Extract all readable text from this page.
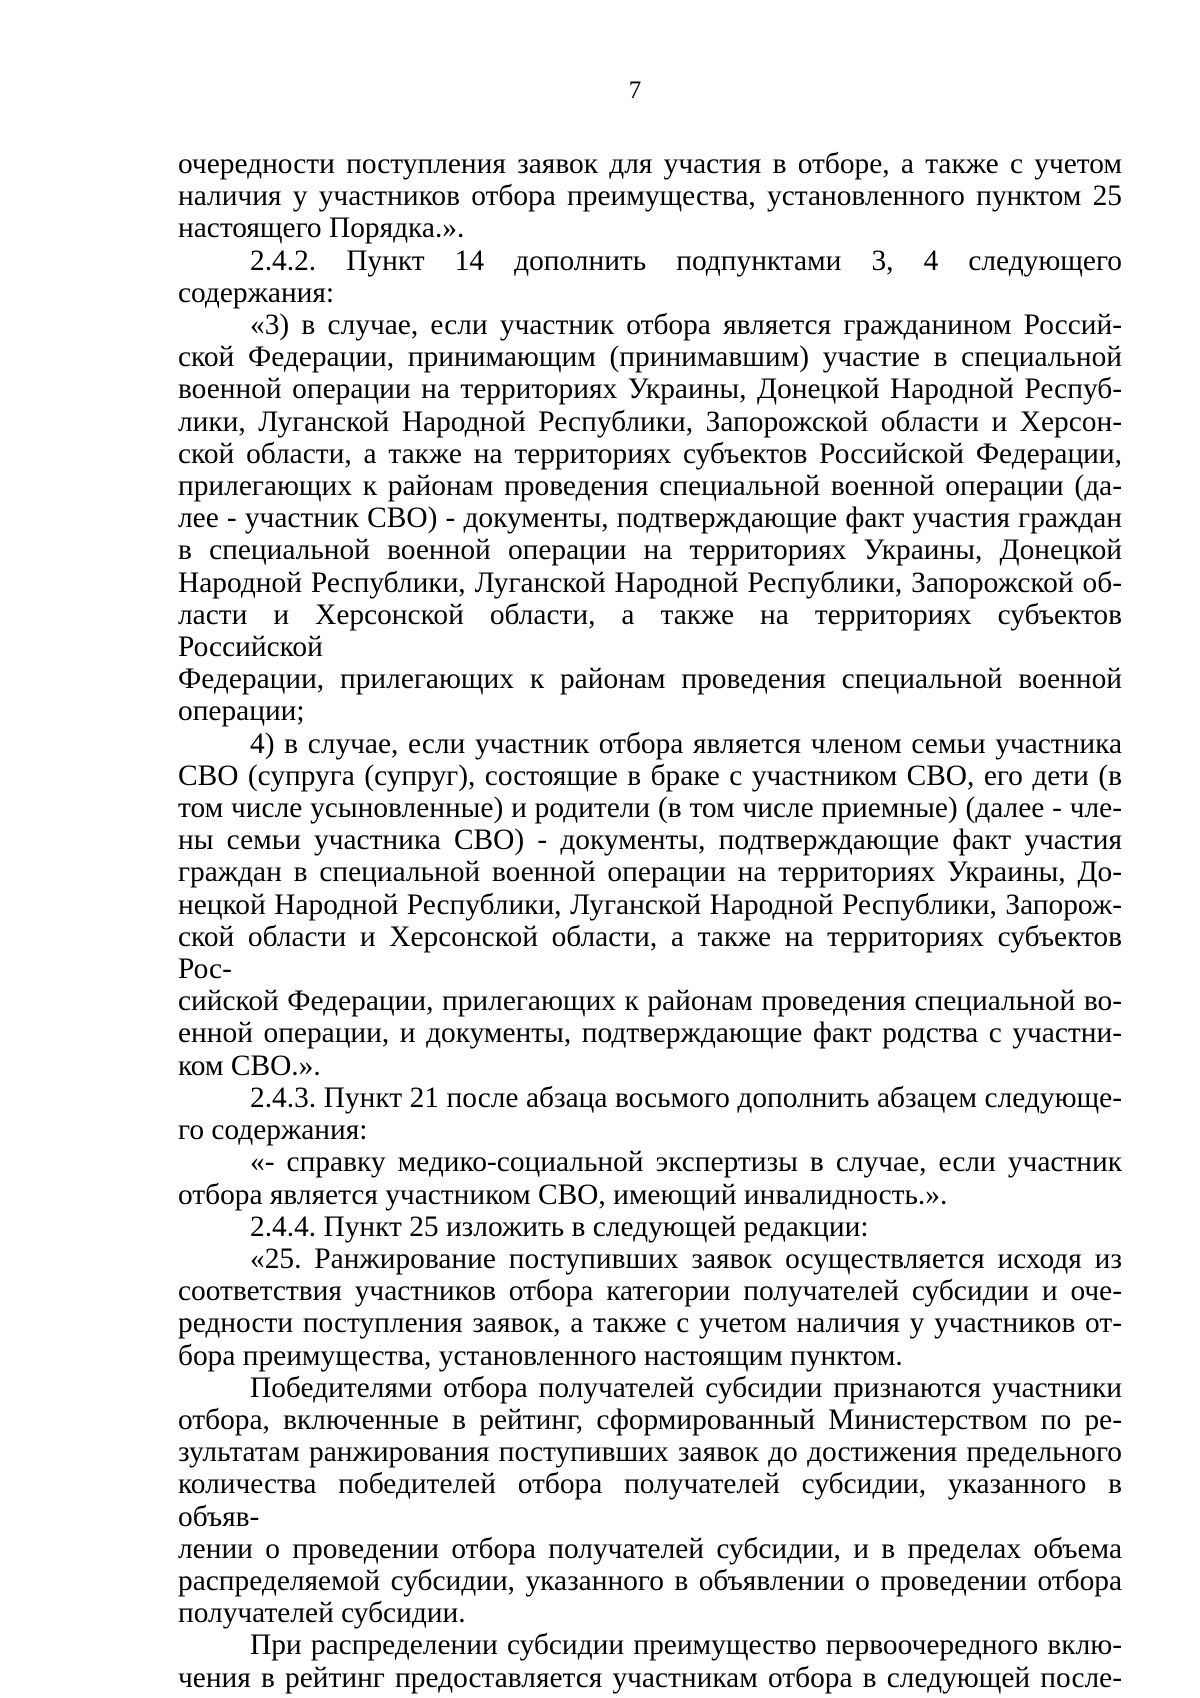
7

очередности поступления заявок для участия в отборе, а также с учетом

наличия у участников отбора преимущества, установленного пунктом 25

настоящего Порядка.».

2.4.2. Пункт 14 дополнить подпунктами 3, 4 следующего содержания:

«3) в случае, если участник отбора является гражданином Россий-

ской Федерации, принимающим (принимавшим) участие в специальной

военной операции на территориях Украины, Донецкой Народной Респуб-

лики, Луганской Народной Республики, Запорожской области и Херсон-

ской области, а также на территориях субъектов Российской Федерации,

прилегающих к районам проведения специальной военной операции (да-

лее - участник СВО) - документы, подтверждающие факт участия граждан

в специальной военной операции на территориях Украины, Донецкой

Народной Республики, Луганской Народной Республики, Запорожской об-

ласти и Херсонской области, а также на территориях субъектов Российской

Федерации, прилегающих к районам проведения специальной военной

операции;

4) в случае, если участник отбора является членом семьи участника

СВО (супруга (супруг), состоящие в браке с участником СВО, его дети (в

том числе усыновленные) и родители (в том числе приемные) (далее - чле-

ны семьи участника СВО) - документы, подтверждающие факт участия

граждан в специальной военной операции на территориях Украины, До-

нецкой Народной Республики, Луганской Народной Республики, Запорож-

ской области и Херсонской области, а также на территориях субъектов Рос-

сийской Федерации, прилегающих к районам проведения специальной во-

енной операции, и документы, подтверждающие факт родства с участни-

ком СВО.».

2.4.3. Пункт 21 после абзаца восьмого дополнить абзацем следующе-

го содержания:

«- справку медико-социальной экспертизы в случае, если участник

отбора является участником СВО, имеющий инвалидность.».

2.4.4. Пункт 25 изложить в следующей редакции:

«25. Ранжирование поступивших заявок осуществляется исходя из

соответствия участников отбора категории получателей субсидии и оче-

редности поступления заявок, а также с учетом наличия у участников от-

бора преимущества, установленного настоящим пунктом.

Победителями отбора получателей субсидии признаются участники

отбора, включенные в рейтинг, сформированный Министерством по ре-

зультатам ранжирования поступивших заявок до достижения предельного

количества победителей отбора получателей субсидии, указанного в объяв-

лении о проведении отбора получателей субсидии, и в пределах объема

распределяемой субсидии, указанного в объявлении о проведении отбора

получателей субсидии.

При распределении субсидии преимущество первоочередного вклю-

чения в рейтинг предоставляется участникам отбора в следующей после-
